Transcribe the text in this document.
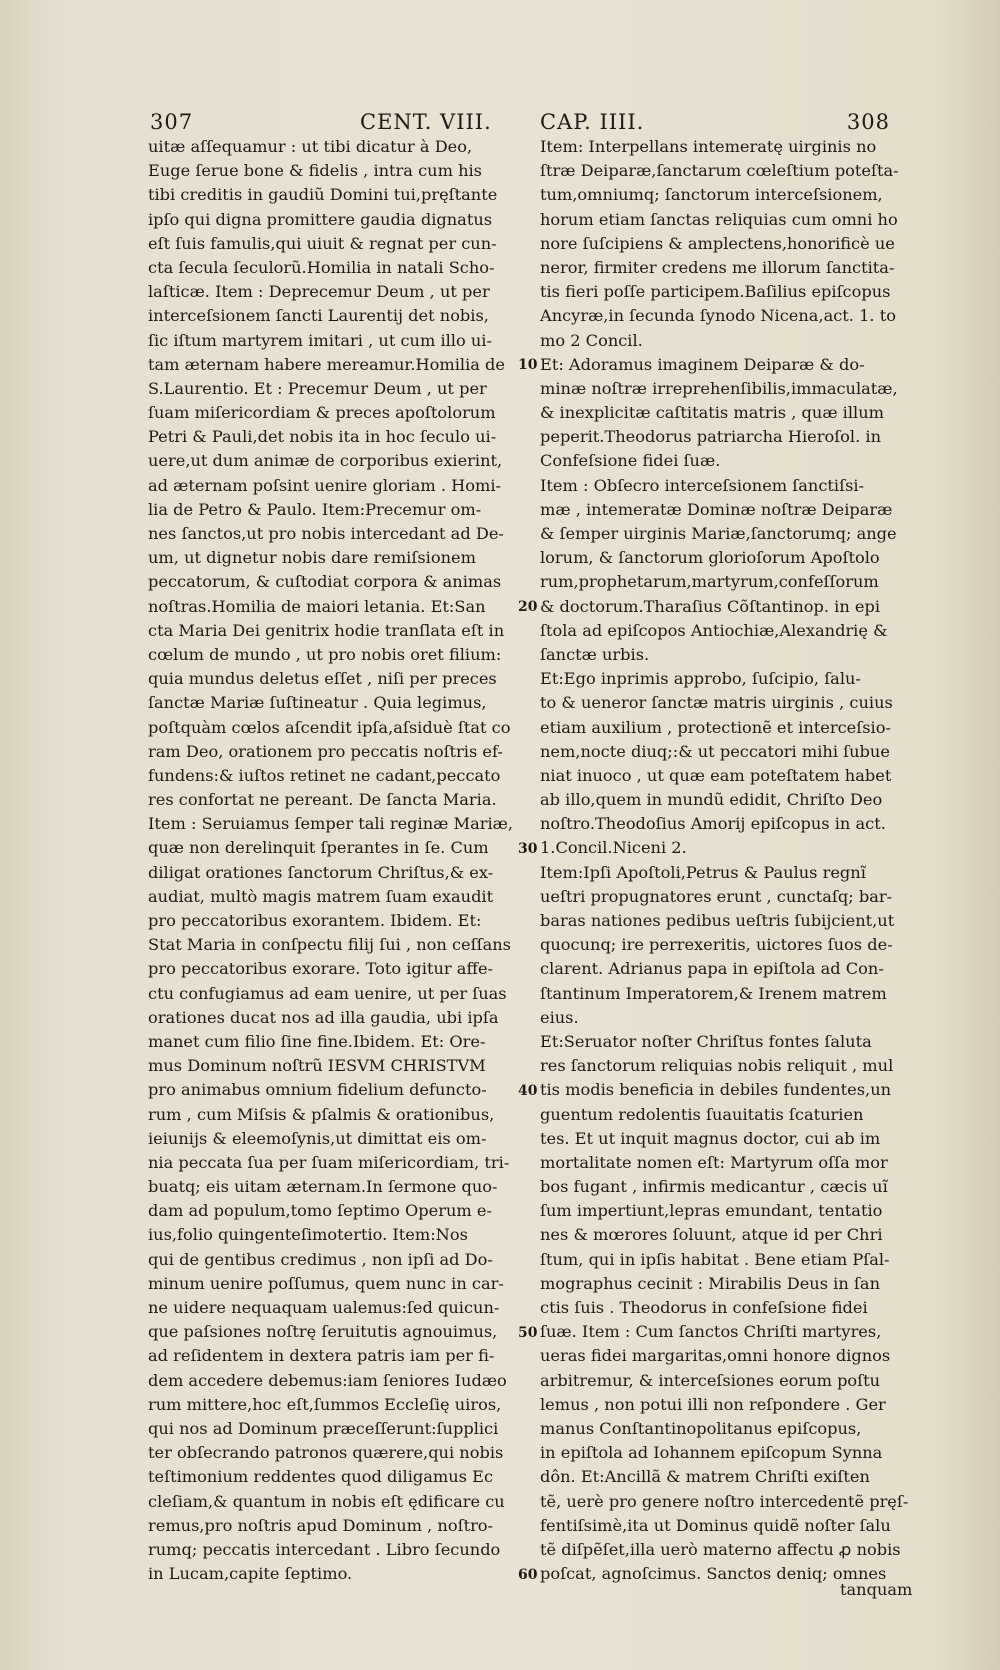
307	CENT. VIII. CAP. IIII.	308
uitæ aſſequamur : ut tibi dicatur à Deo,
Euge ſerue bone & fidelis , intra cum his
tibi creditis in gaudiũ Domini tui,pręſtante
ipſo qui digna promittere gaudia dignatus
eſt ſuis famulis,qui uiuit & regnat per cun-
cta ſecula ſeculorũ.Homilia in natali Scho-
laſticæ. Item : Deprecemur Deum , ut per
interceſsionem ſancti Laurentij det nobis,
ſic iſtum martyrem imitari , ut cum illo ui-
tam æternam habere mereamur.Homilia de
S.Laurentio. Et : Precemur Deum , ut per
ſuam miſericordiam & preces apoſtolorum
Petri & Pauli,det nobis ita in hoc ſeculo ui-
uere,ut dum animæ de corporibus exierint,
ad æternam poſsint uenire gloriam . Homi-
lia de Petro & Paulo. Item:Precemur om-
nes ſanctos,ut pro nobis intercedant ad De-
um, ut dignetur nobis dare remiſsionem
peccatorum, & cuſtodiat corpora & animas
noſtras.Homilia de maiori letania. Et:San
cta Maria Dei genitrix hodie tranſlata eſt in
cœlum de mundo , ut pro nobis oret filium:
quia mundus deletus eſſet , niſi per preces
ſanctæ Mariæ ſuſtineatur . Quia legimus,
poſtquàm cœlos aſcendit ipſa,aſsiduè ſtat co
ram Deo, orationem pro peccatis noſtris ef-
fundens:& iuſtos retinet ne cadant,peccato
res confortat ne pereant. De ſancta Maria.
Item : Seruiamus ſemper tali reginæ Mariæ,
quæ non derelinquit ſperantes in ſe. Cum
diligat orationes ſanctorum Chriſtus,& ex-
audiat, multò magis matrem ſuam exaudit
pro peccatoribus exorantem. Ibidem. Et:
Stat Maria in conſpectu filij ſui , non ceſſans
pro peccatoribus exorare. Toto igitur affe-
ctu confugiamus ad eam uenire, ut per ſuas
orationes ducat nos ad illa gaudia, ubi ipſa
manet cum filio ſine fine.Ibidem. Et: Ore-
mus Dominum noſtrũ IESVM CHRISTVM
pro animabus omnium fidelium defuncto-
rum , cum Miſsis & pſalmis & orationibus,
ieiunijs & eleemoſynis,ut dimittat eis om-
nia peccata ſua per ſuam miſericordiam, tri-
buatq; eis uitam æternam.In ſermone quo-
dam ad populum,tomo ſeptimo Operum e-
ius,folio quingenteſimotertio. Item:Nos
qui de gentibus credimus , non ipſi ad Do-
minum uenire poſſumus, quem nunc in car-
ne uidere nequaquam ualemus:ſed quicun-
que paſsiones noſtrę ſeruitutis agnouimus,
ad reſidentem in dextera patris iam per fi-
dem accedere debemus:iam ſeniores Iudæo
rum mittere,hoc eſt,ſummos Eccleſię uiros,
qui nos ad Dominum præceſſerunt:ſupplici
ter obſecrando patronos quærere,qui nobis
teſtimonium reddentes quod diligamus Ec
cleſiam,& quantum in nobis eſt ędificare cu
remus,pro noſtris apud Dominum , noſtro-
rumq; peccatis intercedant . Libro ſecundo
in Lucam,capite ſeptimo.
Item: Interpellans intemeratę uirginis no
ſtræ Deiparæ,ſanctarum cœleſtium poteſta-
tum,omniumq; ſanctorum interceſsionem,
horum etiam ſanctas reliquias cum omni ho
nore ſuſcipiens & amplectens,honorificè ue
neror, firmiter credens me illorum ſanctita-
tis fieri poſſe participem.Baſilius epiſcopus
Ancyræ,in ſecunda ſynodo Nicena,act. 1. to
mo 2 Concil.
Et: Adoramus imaginem Deiparæ & do-
minæ noſtræ irreprehenſibilis,immaculatæ,
& inexplicitæ caſtitatis matris , quæ illum
peperit.Theodorus patriarcha Hieroſol. in
Confeſsione fidei ſuæ.
Item : Obſecro interceſsionem ſanctiſsi-
mæ , intemeratæ Dominæ noſtræ Deiparæ
& ſemper uirginis Mariæ,ſanctorumq; ange
lorum, & ſanctorum glorioſorum Apoſtolo
rum,prophetarum,martyrum,confeſſorum
& doctorum.Tharaſius Cõſtantinop. in epi
ſtola ad epiſcopos Antiochiæ,Alexandrię &
ſanctæ urbis.
Et:Ego inprimis approbo, ſuſcipio, ſalu-
to & ueneror ſanctæ matris uirginis , cuius
etiam auxilium , protectionẽ et interceſsio-
nem,nocte diuq;:& ut peccatori mihi ſubue
niat inuoco , ut quæ eam poteſtatem habet
ab illo,quem in mundũ edidit, Chriſto Deo
noſtro.Theodoſius Amorij epiſcopus in act.
1.Concil.Niceni 2.
Item:Ipſi Apoſtoli,Petrus & Paulus regnĩ
ueſtri propugnatores erunt , cunctaſq; bar-
baras nationes pedibus ueſtris ſubijcient,ut
quocunq; ire perrexeritis, uictores ſuos de-
clarent. Adrianus papa in epiſtola ad Con-
ſtantinum Imperatorem,& Irenem matrem
eius.
Et:Seruator noſter Chriſtus fontes ſaluta
res ſanctorum reliquias nobis reliquit , mul
tis modis beneficia in debiles fundentes,un
guentum redolentis ſuauitatis ſcaturien
tes. Et ut inquit magnus doctor, cui ab im
mortalitate nomen eſt: Martyrum oſſa mor
bos fugant , infirmis medicantur , cæcis uĩ
ſum impertiunt,lepras emundant, tentatio
nes & mœrores ſoluunt, atque id per Chri
ſtum, qui in ipſis habitat . Bene etiam Pſal-
mographus cecinit : Mirabilis Deus in ſan
ctis ſuis . Theodorus in confeſsione fidei
ſuæ. Item : Cum ſanctos Chriſti martyres,
ueras fidei margaritas,omni honore dignos
arbitremur, & interceſsiones eorum poſtu
lemus , non potui illi non reſpondere . Ger
manus Conſtantinopolitanus epiſcopus,
in epiſtola ad Iohannem epiſcopum Synna
dôn. Et:Ancillã & matrem Chriſti exiſten
tẽ, uerè pro genere noſtro intercedentẽ pręſ-
fentiſsimè,ita ut Dominus quidẽ noſter ſalu
tẽ diſpẽſet,illa uerò materno affectu ꝓ nobis
poſcat, agnoſcimus. Sanctos deniq; omnes
10
20
30
40
50
60
tanquam
